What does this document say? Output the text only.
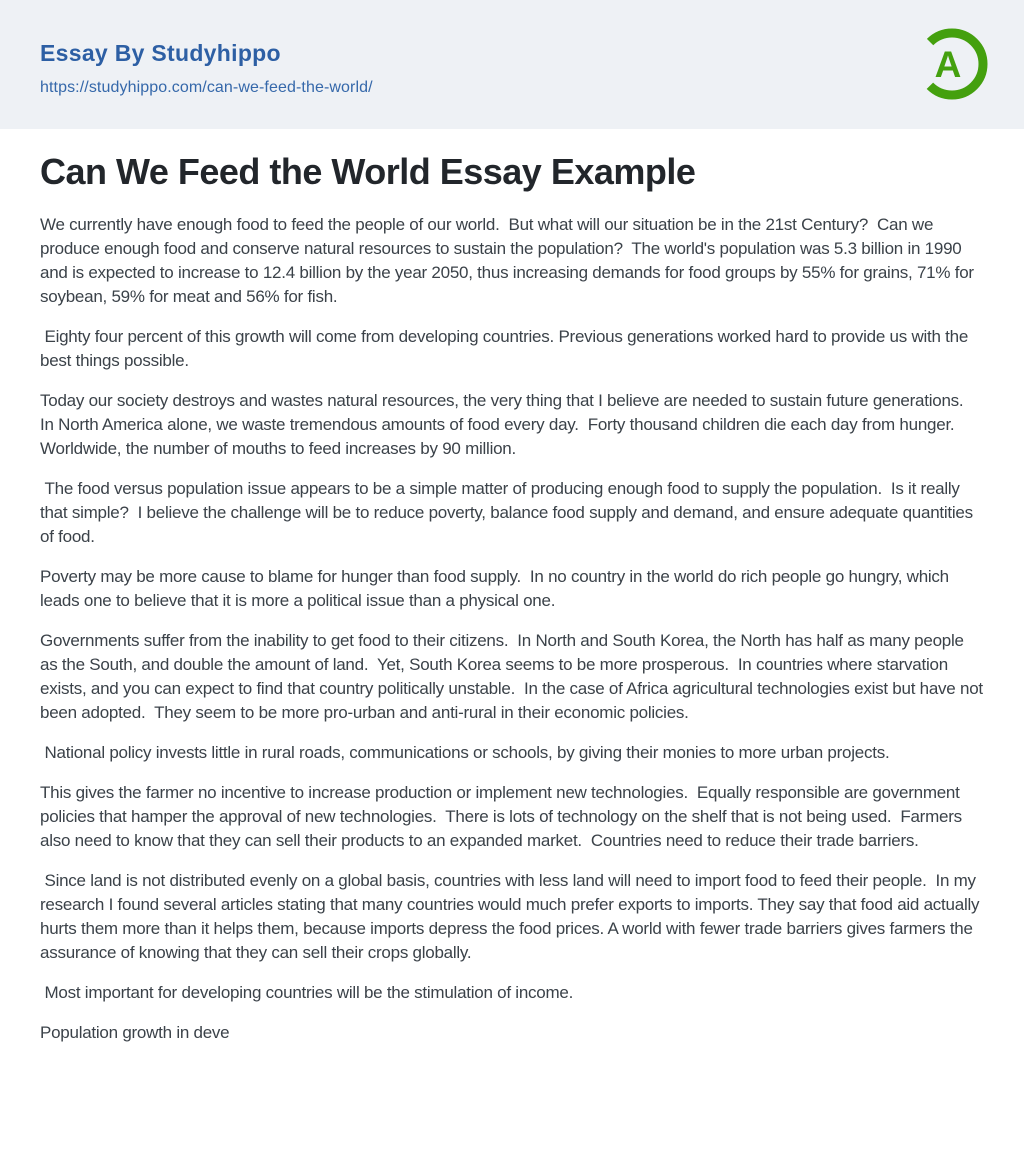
Essay By Studyhippo
https://studyhippo.com/can-we-feed-the-world/
A
Can We Feed the World Essay Example

We currently have enough food to feed the people of our world.  But what will our situation be in the 21st Century?  Can we produce enough food and conserve natural resources to sustain the population?  The world's population was 5.3 billion in 1990 and is expected to increase to 12.4 billion by the year 2050, thus increasing demands for food groups by 55% for grains, 71% for soybean, 59% for meat and 56% for fish.

Eighty four percent of this growth will come from developing countries. Previous generations worked hard to provide us with the best things possible.

Today our society destroys and wastes natural resources, the very thing that I believe are needed to sustain future generations.  In North America alone, we waste tremendous amounts of food every day.  Forty thousand children die each day from hunger.  Worldwide, the number of mouths to feed increases by 90 million.

The food versus population issue appears to be a simple matter of producing enough food to supply the population.  Is it really that simple?  I believe the challenge will be to reduce poverty, balance food supply and demand, and ensure adequate quantities of food.

Poverty may be more cause to blame for hunger than food supply.  In no country in the world do rich people go hungry, which leads one to believe that it is more a political issue than a physical one.

Governments suffer from the inability to get food to their citizens.  In North and South Korea, the North has half as many people as the South, and double the amount of land.  Yet, South Korea seems to be more prosperous.  In countries where starvation exists, and you can expect to find that country politically unstable.  In the case of Africa agricultural technologies exist but have not been adopted.  They seem to be more pro-urban and anti-rural in their economic policies.

National policy invests little in rural roads, communications or schools, by giving their monies to more urban projects.

This gives the farmer no incentive to increase production or implement new technologies.  Equally responsible are government policies that hamper the approval of new technologies.  There is lots of technology on the shelf that is not being used.  Farmers also need to know that they can sell their products to an expanded market.  Countries need to reduce their trade barriers.

Since land is not distributed evenly on a global basis, countries with less land will need to import food to feed their people.  In my research I found several articles stating that many countries would much prefer exports to imports. They say that food aid actually hurts them more than it helps them, because imports depress the food prices. A world with fewer trade barriers gives farmers the assurance of knowing that they can sell their crops globally.

Most important for developing countries will be the stimulation of income.

Population growth in deve
